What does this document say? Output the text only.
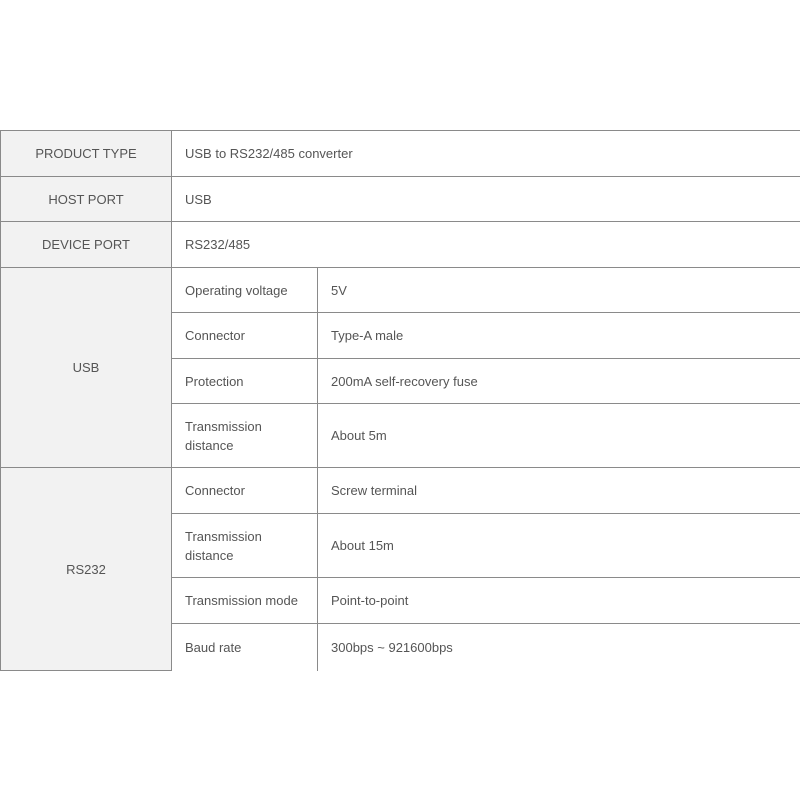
PRODUCT TYPE	USB to RS232/485 converter	
HOST PORT	USB	
DEVICE PORT	RS232/485	
USB	Operating voltage	5V
	Connector	Type-A male
	Protection	200mA self-recovery fuse
	Transmission distance	About 5m
RS232	Connector	Screw terminal
	Transmission distance	About 15m
	Transmission mode	Point-to-point
	Baud rate	300bps ~ 921600bps
